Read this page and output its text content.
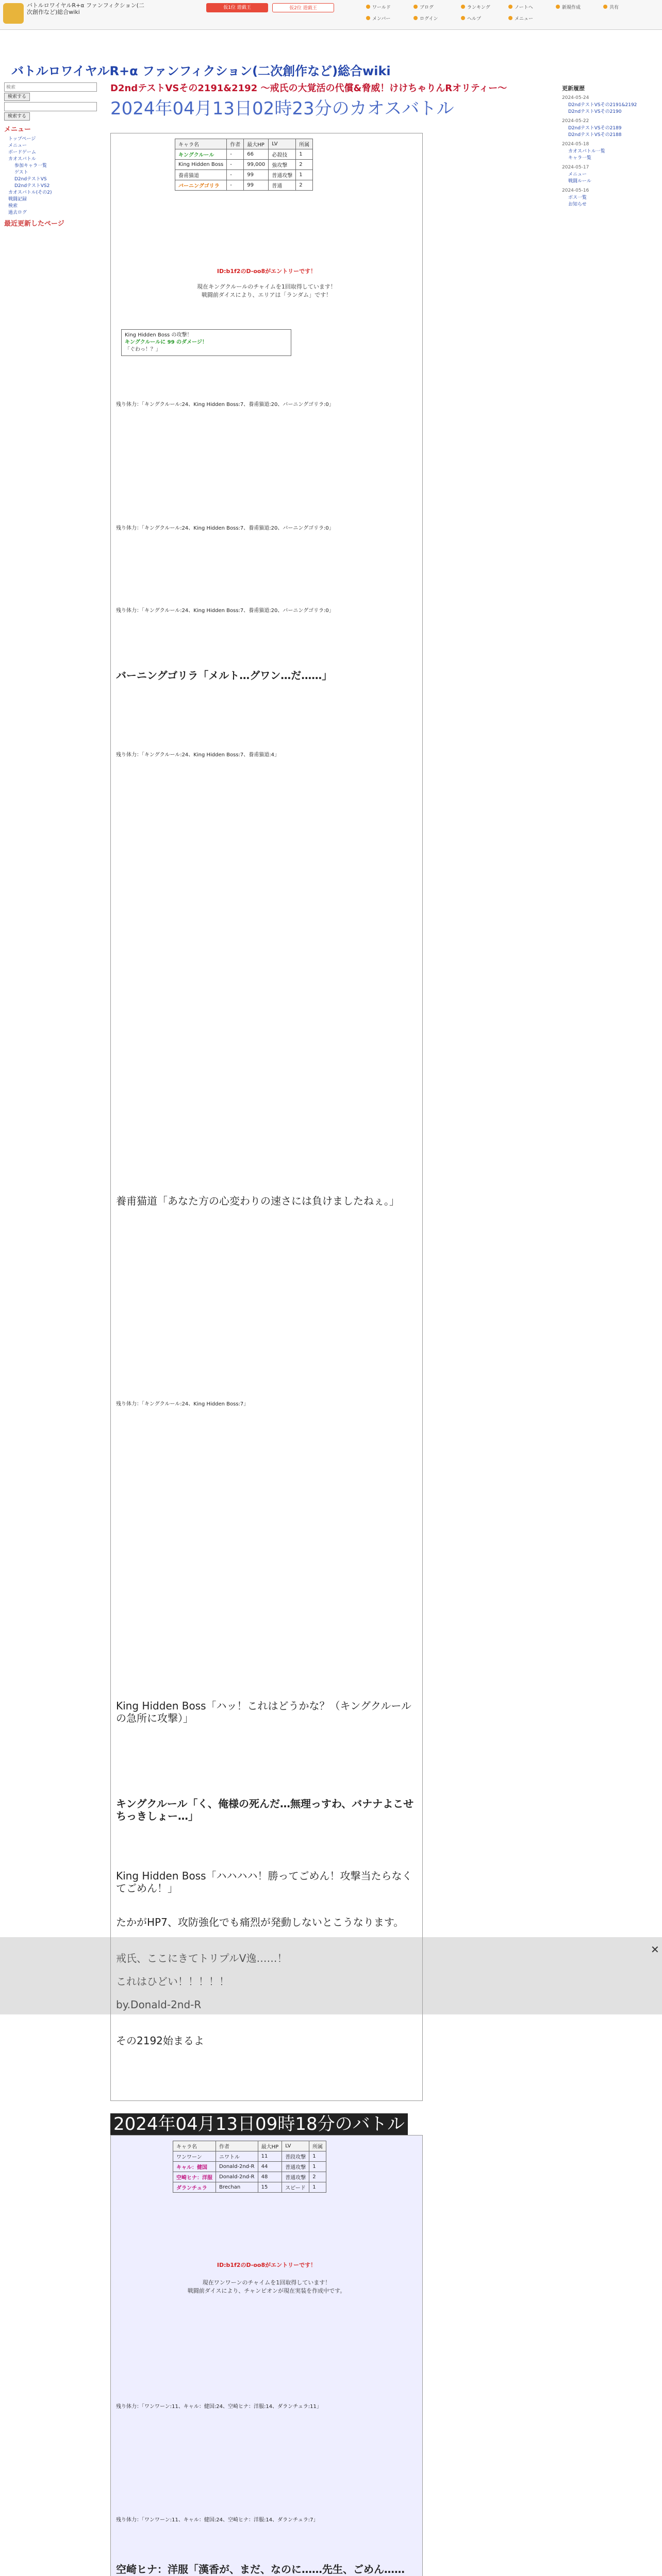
バトルロワイヤルR+α ファンフィクション(二次創作など)総合wiki
仮1位 遊戯王	仮2位 遊戯王	ワールド	ブログ	ランキング	ノートへ	新規作成	共有
メンバー	ログイン	ヘルプ	メニュー
バトルロワイヤルR+α ファンフィクション(二次創作など)総合wiki
検索
検索する
検索する
メニュー
トップページ
メニュー
ボードゲーム
カオスバトル
参加キャラ一覧
ゲスト
D2ndテストVS
D2ndテストVS2
カオスバトル(その2)
戦闘記録
検索
過去ログ
最近更新したページ
更新履歴
2024-05-24
D2ndテストVSその2191&2192
D2ndテストVSその2190
2024-05-22
D2ndテストVSその2189
D2ndテストVSその2188
2024-05-18
カオスバトル一覧
キャラ一覧
2024-05-17
メニュー
戦闘ルール
2024-05-16
ボス一覧
お知らせ
D2ndテストVSその2191&2192 〜戒氏の大覚活の代償&脅威！けけちゃりんRオリティー〜
2024年04月13日02時23分のカオスバトル
キャラ名	作者	最大HP	LV	所属
キングクルール	-	66	必殺技	1
King Hidden Boss	-	99,000	強攻撃	2
養甫猫道	-	99	普通攻撃	1
バーニングゴリラ	-	99	普通	2
ID:b1f2のD-oo8がエントリーです！
現在キングクルールのチャイムを1回取得しています！
戦闘前ダイスにより、エリアは「ランダム」です！
King Hidden Boss の攻撃！
キングクルールに 99 のダメージ！
「ぐわっ！？」
残り体力：「キングクルール:24、King Hidden Boss:7、養甫猫道:20、バーニングゴリラ:0」
残り体力：「キングクルール:24、King Hidden Boss:7、養甫猫道:20、バーニングゴリラ:0」
残り体力：「キングクルール:24、King Hidden Boss:7、養甫猫道:20、バーニングゴリラ:0」
バーニングゴリラ「メルト…グワン…だ……」
残り体力：「キングクルール:24、King Hidden Boss:7、養甫猫道:4」
養甫猫道「あなた方の心変わりの速さには負けましたねぇ。」
残り体力：「キングクルール:24、King Hidden Boss:7」
King Hidden Boss「ハッ！これはどうかな？（キングクルールの急所に攻撃）」
キングクルール「く、俺様の死んだ…無理っすわ、バナナよこせちっきしょー…」
King Hidden Boss「ハハハハ！勝ってごめん！攻撃当たらなくてごめん！」
たかがHP7、攻防強化でも痛烈が発動しないとこうなります。
戒氏、ここにきてトリプルV逸……！
これはひどい！！！！！
by.Donald-2nd-R
その2192始まるよ
2024年04月13日09時18分のバトル
キャラ名	作者	最大HP	LV	所属
ワンワーン	ニワトル	11	普段攻撃	1
キャル：健国	Donald-2nd-R	44	普通攻撃	1
空崎ヒナ：洋服	Donald-2nd-R	48	普通攻撃	2
ダランチュラ	Brechan	15	スピード	1
ID:b1f2のD-oo8がエントリーです！
現在ワンワーンのチャイムを1回取得しています！
戦闘前ダイスにより、チャンピオンが現在実装を作成中です。
残り体力：「ワンワーン:11、キャル：健国:24、空崎ヒナ：洋服:14、ダランチュラ:11」
残り体力：「ワンワーン:11、キャル：健国:24、空崎ヒナ：洋服:14、ダランチュラ:7」
空崎ヒナ：洋服「漢香が、まだ、なのに……先生、ごめん……
✕
